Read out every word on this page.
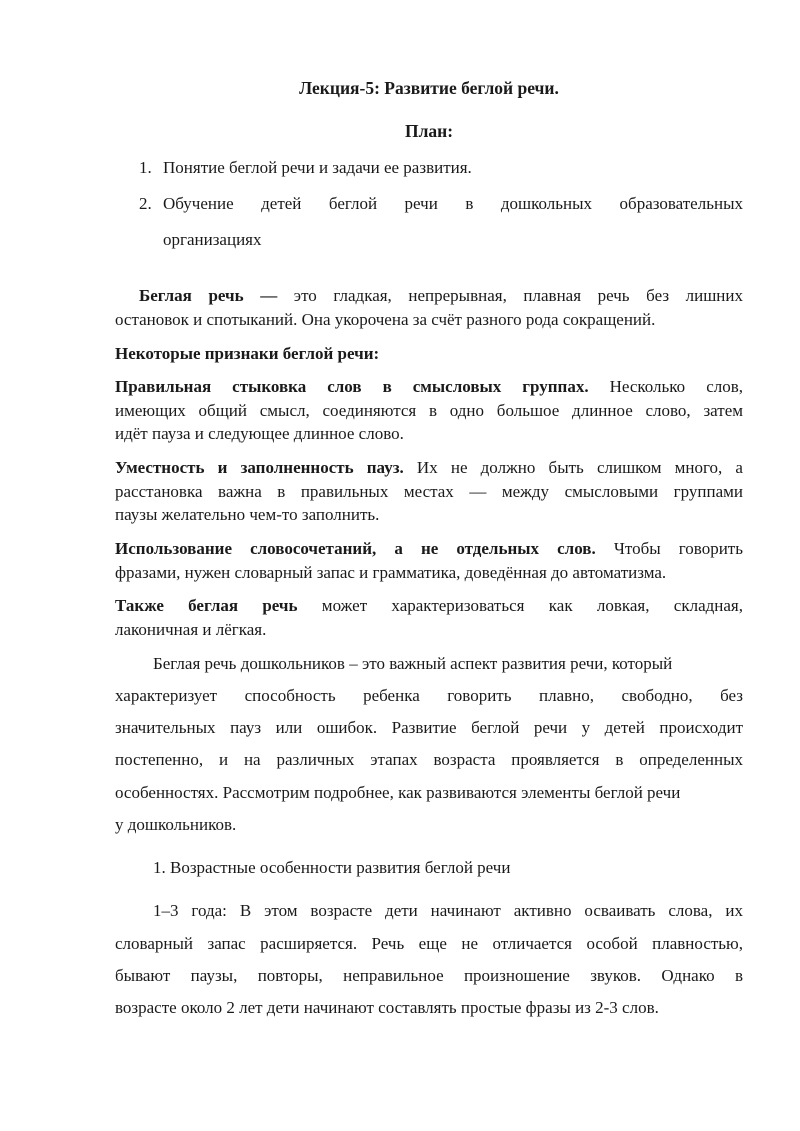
Лекция-5: Развитие беглой речи.
План:
1. Понятие беглой речи и задачи ее развития.
2. Обучение детей беглой речи в дошкольных образовательных
организациях
Беглая речь — это гладкая, непрерывная, плавная речь без лишних
остановок и спотыканий. Она укорочена за счёт разного рода сокращений.
Некоторые признаки беглой речи:
Правильная стыковка слов в смысловых группах. Несколько слов,
имеющих общий смысл, соединяются в одно большое длинное слово, затем
идёт пауза и следующее длинное слово.
Уместность и заполненность пауз. Их не должно быть слишком много, а
расстановка важна в правильных местах — между смысловыми группами
паузы желательно чем-то заполнить.
Использование словосочетаний, а не отдельных слов. Чтобы говорить
фразами, нужен словарный запас и грамматика, доведённая до автоматизма.
Также беглая речь может характеризоваться как ловкая, складная,
лаконичная и лёгкая.
Беглая речь дошкольников – это важный аспект развития речи, который
характеризует способность ребенка говорить плавно, свободно, без
значительных пауз или ошибок. Развитие беглой речи у детей происходит
постепенно, и на различных этапах возраста проявляется в определенных
особенностях. Рассмотрим подробнее, как развиваются элементы беглой речи
у дошкольников.
1. Возрастные особенности развития беглой речи
1–3 года: В этом возрасте дети начинают активно осваивать слова, их
словарный запас расширяется. Речь еще не отличается особой плавностью,
бывают паузы, повторы, неправильное произношение звуков. Однако в
возрасте около 2 лет дети начинают составлять простые фразы из 2-3 слов.
